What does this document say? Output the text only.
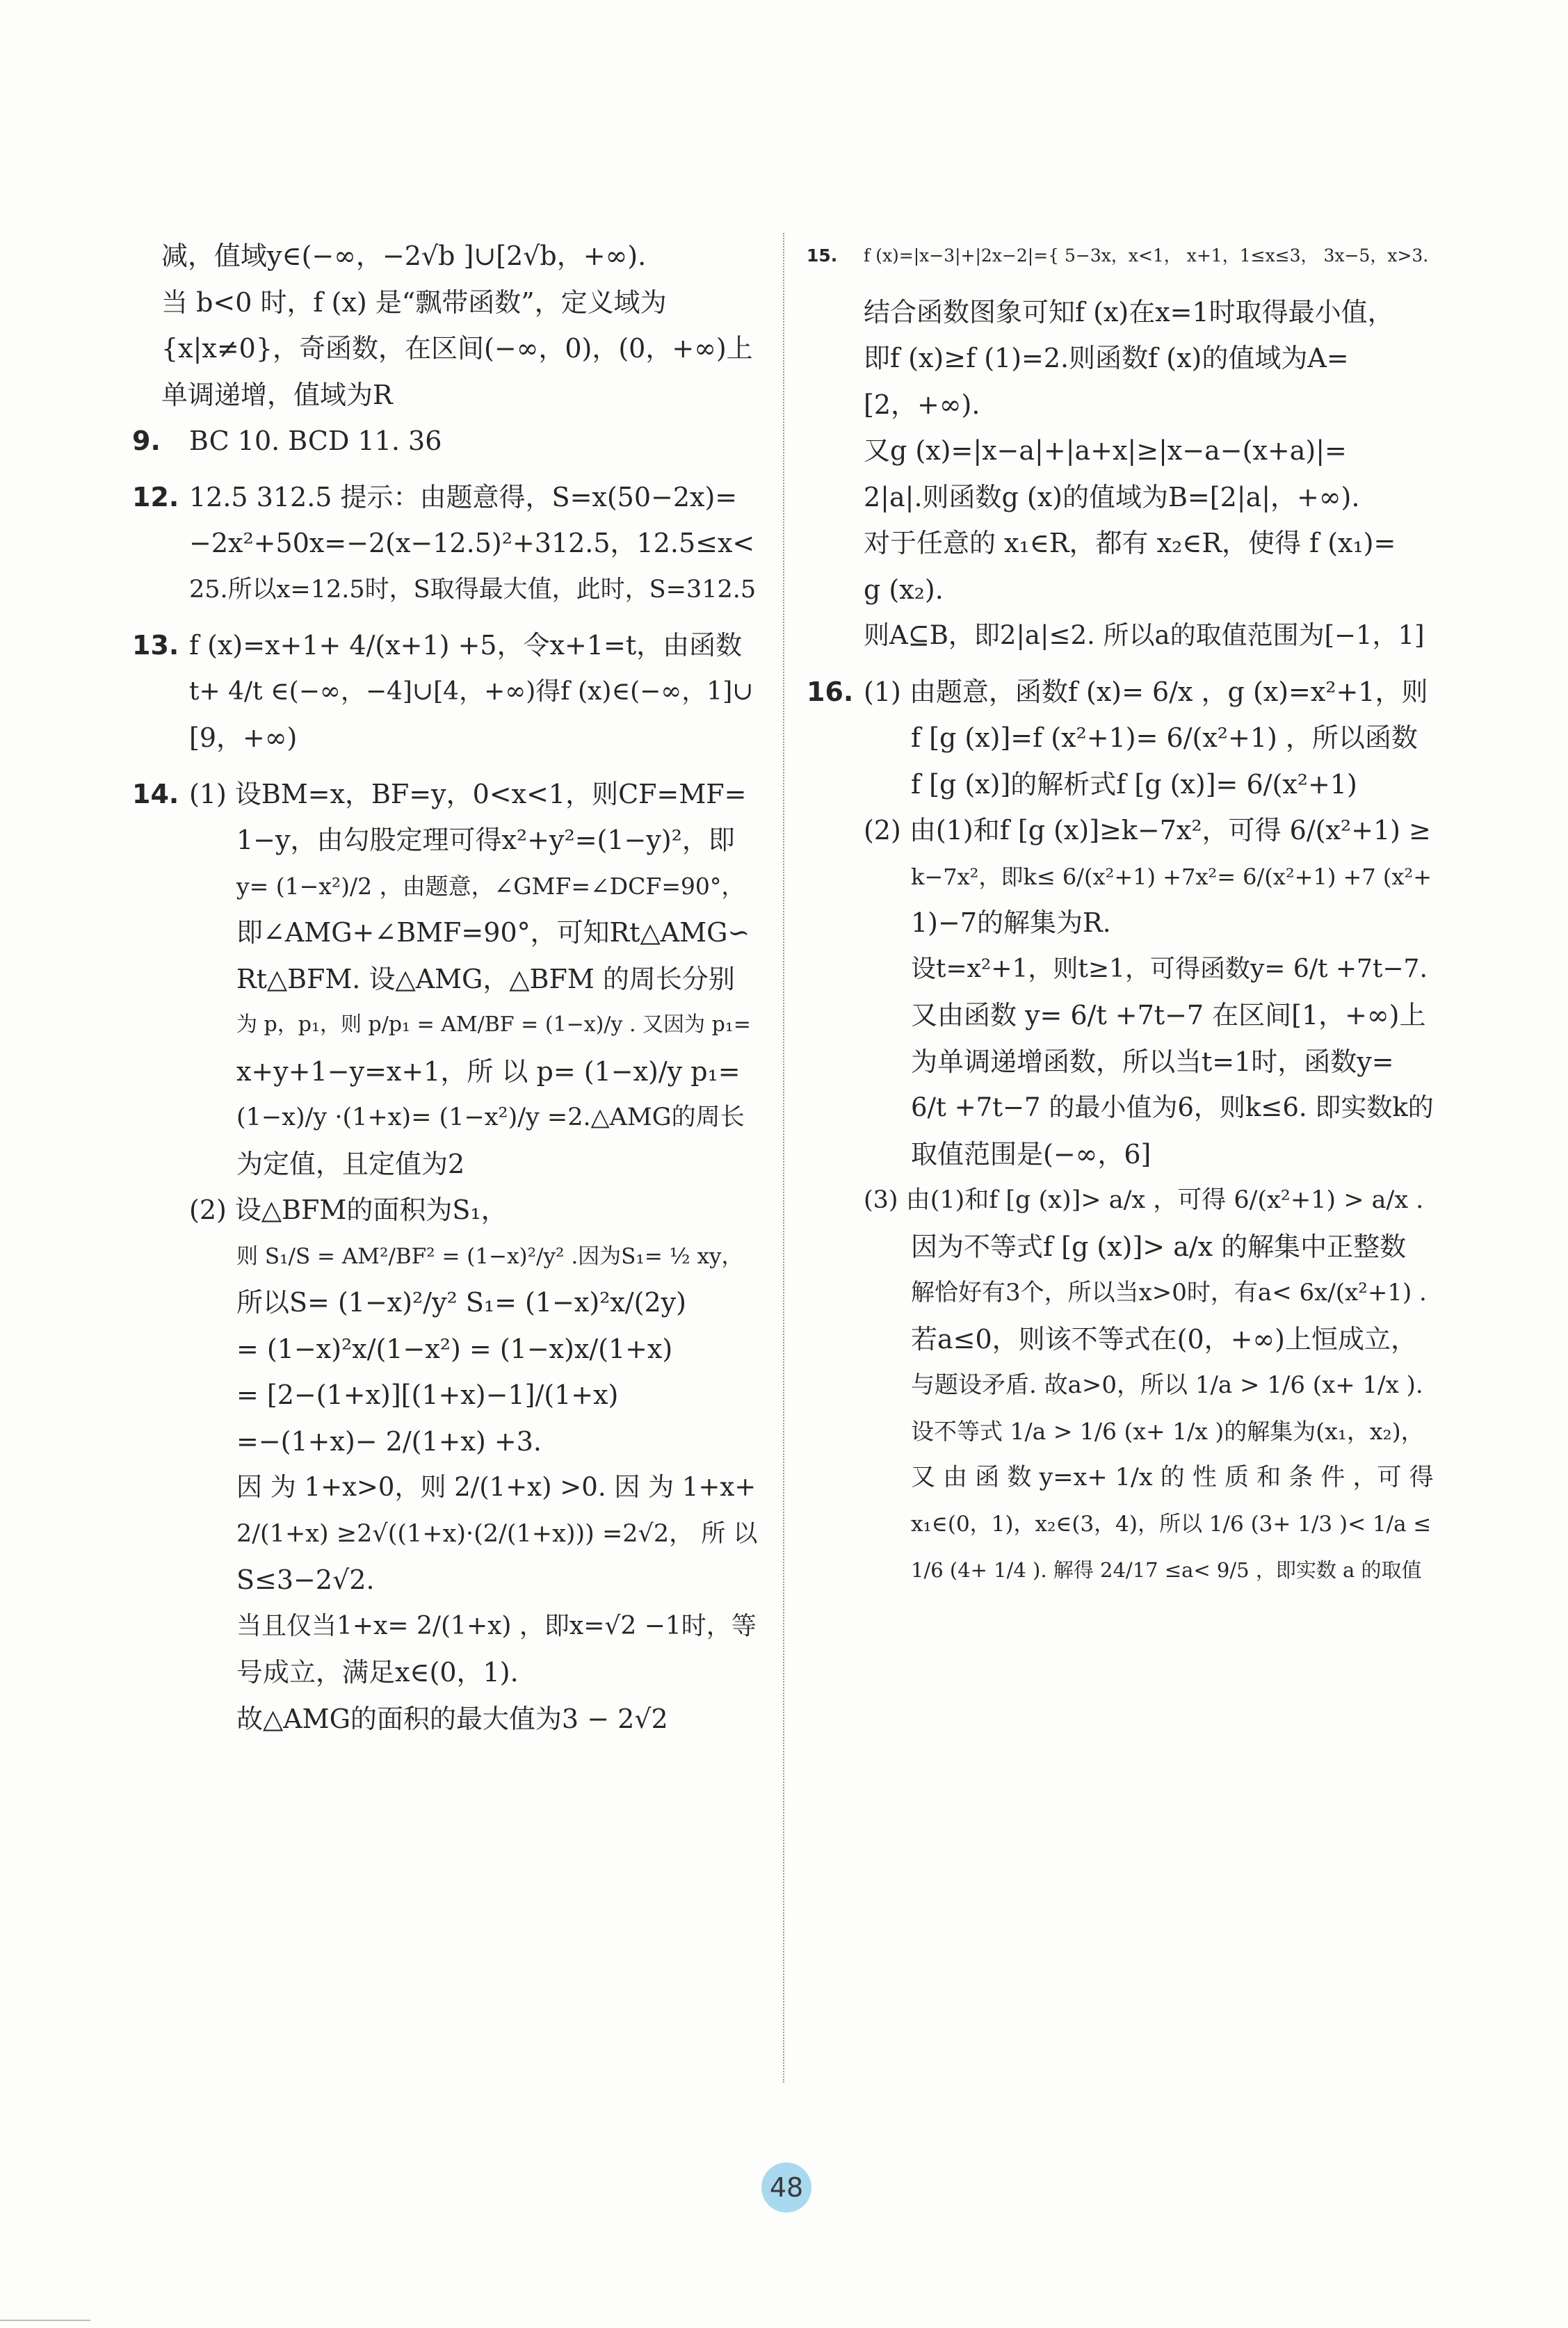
减，值域y∈(−∞，−2√b ]∪[2√b，+∞).
当 b<0 时，f (x) 是“飘带函数”，定义域为
{x|x≠0}，奇函数，在区间(−∞，0)，(0，+∞)上
单调递增，值域为R
9. BC 10. BCD 11. 36
12. 12.5 312.5 提示：由题意得，S=x(50−2x)=
−2x²+50x=−2(x−12.5)²+312.5，12.5≤x<
25.所以x=12.5时，S取得最大值，此时，S=312.5
13. f (x)=x+1+ 4/(x+1) +5，令x+1=t，由函数
t+ 4/t ∈(−∞，−4]∪[4，+∞)得f (x)∈(−∞，1]∪
[9，+∞)
14. (1) 设BM=x，BF=y，0<x<1，则CF=MF=
1−y，由勾股定理可得x²+y²=(1−y)²，即
y= (1−x²)/2 ，由题意，∠GMF=∠DCF=90°，
即∠AMG+∠BMF=90°，可知Rt△AMG∽
Rt△BFM. 设△AMG，△BFM 的周长分别
为 p，p₁，则 p/p₁ = AM/BF = (1−x)/y . 又因为 p₁=
x+y+1−y=x+1，所 以 p= (1−x)/y p₁=
(1−x)/y ·(1+x)= (1−x²)/y =2.△AMG的周长
为定值，且定值为2
(2) 设△BFM的面积为S₁，
则 S₁/S = AM²/BF² = (1−x)²/y² .因为S₁= ½ xy，
所以S= (1−x)²/y² S₁= (1−x)²x/(2y)
= (1−x)²x/(1−x²) = (1−x)x/(1+x)
= [2−(1+x)][(1+x)−1]/(1+x)
=−(1+x)− 2/(1+x) +3.
因 为 1+x>0，则 2/(1+x) >0. 因 为 1+x+
2/(1+x) ≥2√((1+x)·(2/(1+x))) =2√2， 所 以
S≤3−2√2.
当且仅当1+x= 2/(1+x) ，即x=√2 −1时，等
号成立，满足x∈(0，1).
故△AMG的面积的最大值为3 − 2√2
15. f (x)=|x−3|+|2x−2|={ 5−3x，x<1， x+1，1≤x≤3， 3x−5，x>3.
结合函数图象可知f (x)在x=1时取得最小值，
即f (x)≥f (1)=2.则函数f (x)的值域为A=
[2，+∞).
又g (x)=|x−a|+|a+x|≥|x−a−(x+a)|=
2|a|.则函数g (x)的值域为B=[2|a|，+∞).
对于任意的 x₁∈R，都有 x₂∈R，使得 f (x₁)=
g (x₂).
则A⊆B，即2|a|≤2. 所以a的取值范围为[−1，1]
16. (1) 由题意，函数f (x)= 6/x ，g (x)=x²+1，则
f [g (x)]=f (x²+1)= 6/(x²+1) ，所以函数
f [g (x)]的解析式f [g (x)]= 6/(x²+1)
(2) 由(1)和f [g (x)]≥k−7x²，可得 6/(x²+1) ≥
k−7x²，即k≤ 6/(x²+1) +7x²= 6/(x²+1) +7 (x²+
1)−7的解集为R.
设t=x²+1，则t≥1，可得函数y= 6/t +7t−7.
又由函数 y= 6/t +7t−7 在区间[1，+∞)上
为单调递增函数，所以当t=1时，函数y=
6/t +7t−7 的最小值为6，则k≤6. 即实数k的
取值范围是(−∞，6]
(3) 由(1)和f [g (x)]> a/x ，可得 6/(x²+1) > a/x .
因为不等式f [g (x)]> a/x 的解集中正整数
解恰好有3个，所以当x>0时，有a< 6x/(x²+1) .
若a≤0，则该不等式在(0，+∞)上恒成立，
与题设矛盾. 故a>0，所以 1/a > 1/6 (x+ 1/x ).
设不等式 1/a > 1/6 (x+ 1/x )的解集为(x₁，x₂)，
又 由 函 数 y=x+ 1/x 的 性 质 和 条 件 ，可 得
x₁∈(0，1)，x₂∈(3，4)，所以 1/6 (3+ 1/3 )< 1/a ≤
1/6 (4+ 1/4 ). 解得 24/17 ≤a< 9/5 ，即实数 a 的取值
48
